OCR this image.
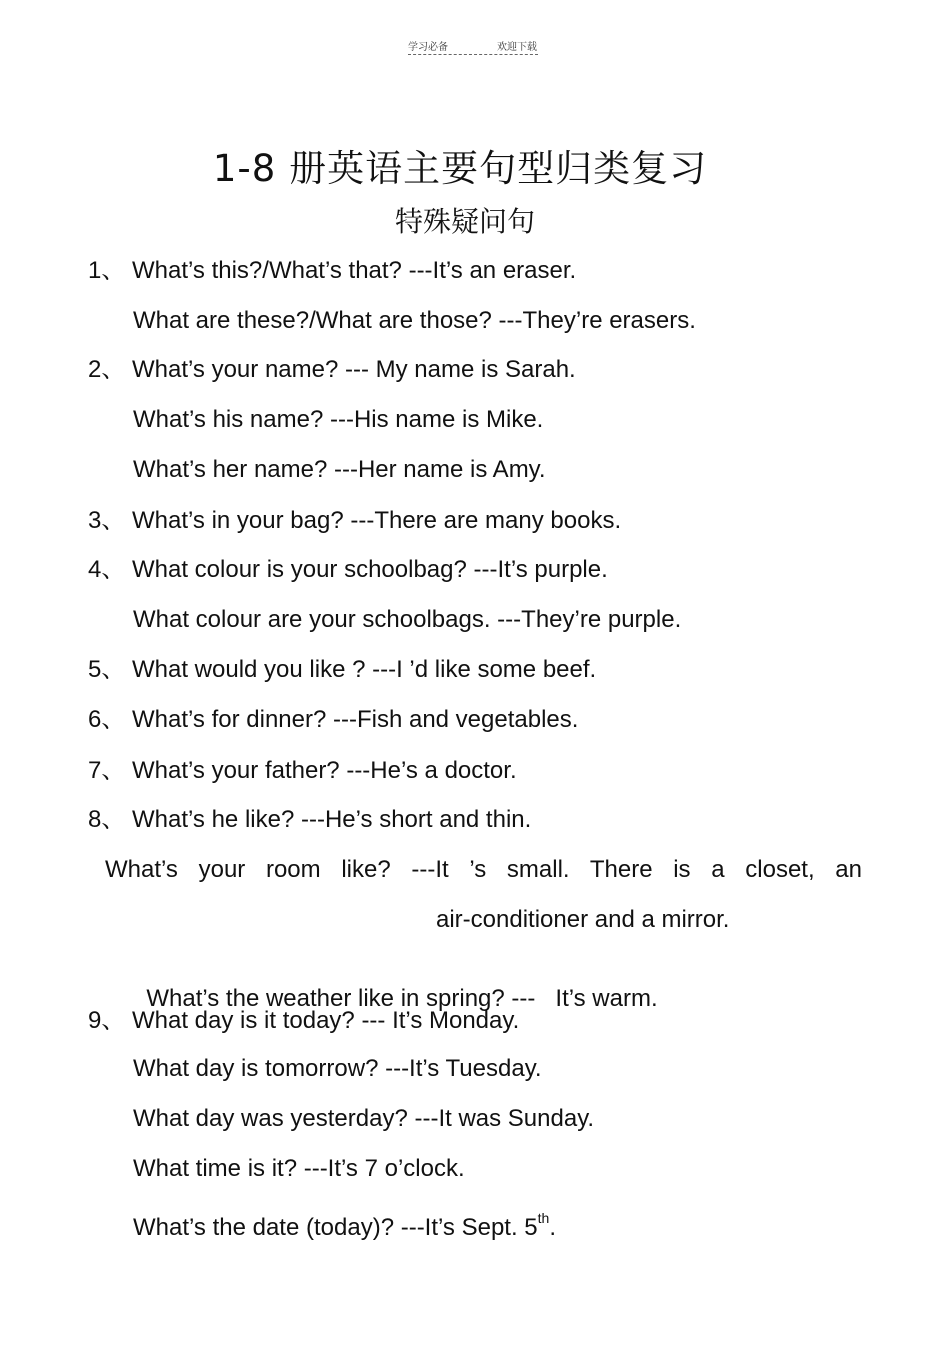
学习必备	欢迎下载
1-8 册英语主要句型归类复习
特殊疑问句
1、 What’s this?/What’s that? ---It’s an eraser.
What are these?/What are those? ---They’re erasers.
2、 What’s your name? --- My name is Sarah.
What’s his name? ---His name is Mike.
What’s her name? ---Her name is Amy.
3、 What’s in your bag? ---There are many books.
4、 What colour is your schoolbag? ---It’s purple.
What colour are your schoolbags. ---They’re purple.
5、 What would you like ? ---I ’d like some beef.
6、 What’s for dinner? ---Fish and vegetables.
7、 What’s your father? ---He’s a doctor.
8、 What’s he like? ---He’s short and thin.
What’s your room like? ---It ’s small. There is a closet, an
air-conditioner and a mirror.

What’s the weather like in spring? ---   It’s warm.

9、 What day is it today? --- It’s Monday.
What day is tomorrow? ---It’s Tuesday.
What day was yesterday? ---It was Sunday.
What time is it? ---It’s 7 o’clock.
What’s the date (today)? ---It’s Sept. 5th.
